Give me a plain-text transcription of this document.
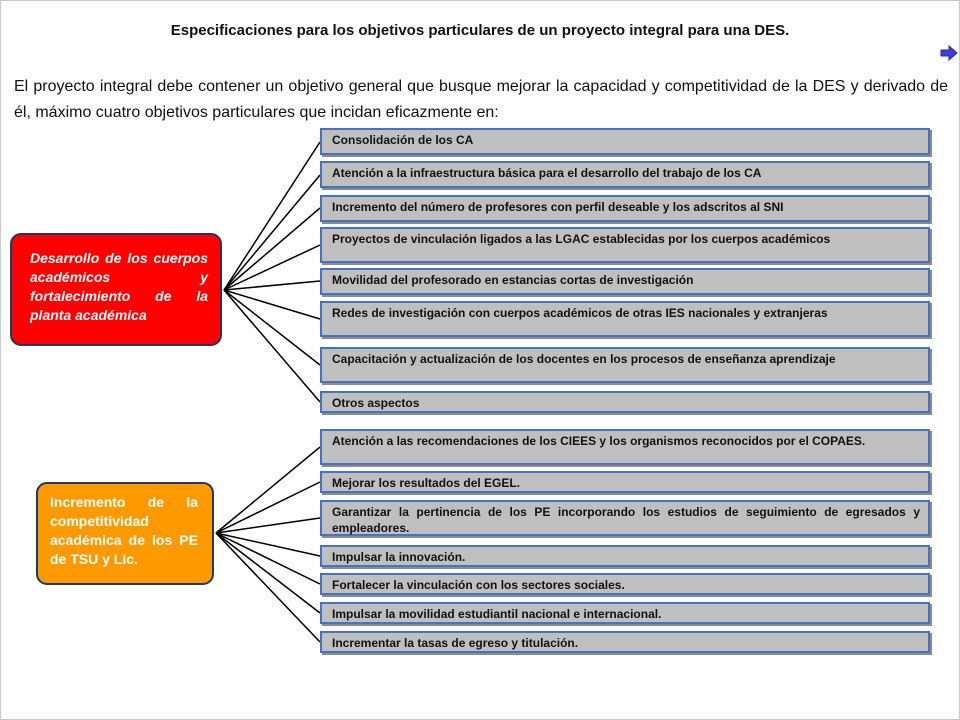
Especificaciones para los objetivos particulares de un proyecto integral para una DES.
El proyecto integral debe contener un objetivo general que busque mejorar la capacidad y competitividad de la DES y derivado de él, máximo cuatro objetivos particulares que incidan eficazmente en:
Desarrollo de los cuerpos académicos y fortalecimiento de la planta académica
Incremento de la competitividad académica de los PE de TSU y Lic.
Consolidación de los CA
Atención a la infraestructura básica para el desarrollo del trabajo de los CA
Incremento del número de profesores con perfil deseable y los adscritos al SNI
Proyectos de vinculación ligados a las LGAC establecidas por los cuerpos académicos
Movilidad del profesorado en estancias cortas de investigación
Redes de investigación con cuerpos académicos de otras IES nacionales y extranjeras
Capacitación y actualización de los docentes en los procesos de enseñanza aprendizaje
Otros aspectos
Atención a las recomendaciones de los CIEES y los organismos reconocidos por el COPAES.
Mejorar los resultados del EGEL.
Garantizar la pertinencia de los PE incorporando los estudios de seguimiento de egresados y empleadores.
Impulsar la innovación.
Fortalecer la vinculación con los sectores sociales.
Impulsar la movilidad estudiantil nacional e internacional.
Incrementar la tasas de egreso y titulación.
